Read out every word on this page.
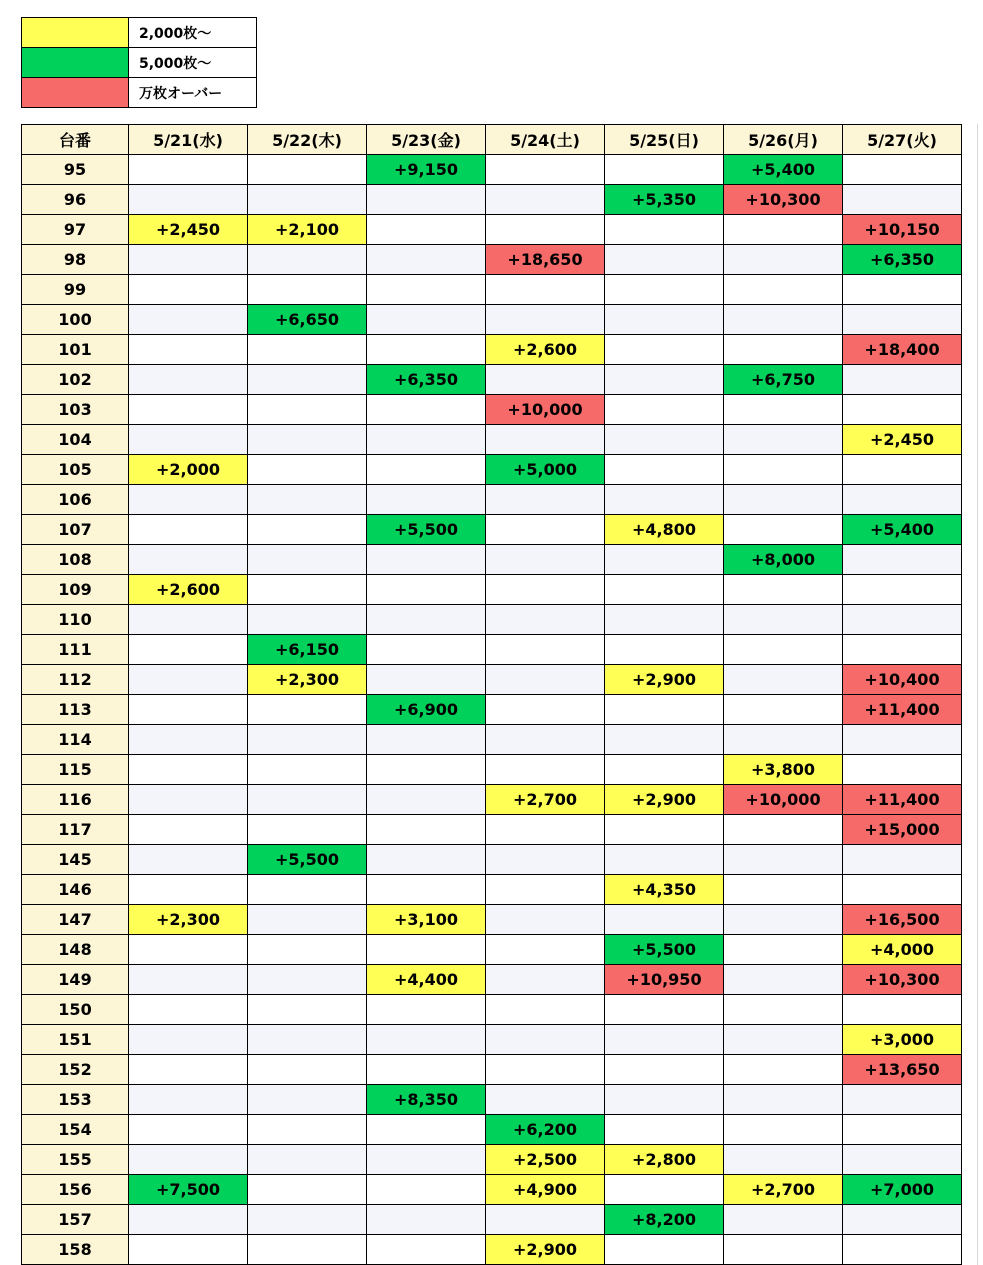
	2,000枚～
	5,000枚～
	万枚オーバー
台番	5/21(水)	5/22(木)	5/23(金)	5/24(土)	5/25(日)	5/26(月)	5/27(火)
95			+9,150			+5,400	
96					+5,350	+10,300	
97	+2,450	+2,100					+10,150
98				+18,650			+6,350
99							
100		+6,650					
101				+2,600			+18,400
102			+6,350			+6,750	
103				+10,000			
104							+2,450
105	+2,000			+5,000			
106							
107			+5,500		+4,800		+5,400
108						+8,000	
109	+2,600						
110							
111		+6,150					
112		+2,300			+2,900		+10,400
113			+6,900				+11,400
114							
115						+3,800	
116				+2,700	+2,900	+10,000	+11,400
117							+15,000
145		+5,500					
146					+4,350		
147	+2,300		+3,100				+16,500
148					+5,500		+4,000
149			+4,400		+10,950		+10,300
150							
151							+3,000
152							+13,650
153			+8,350				
154				+6,200			
155				+2,500	+2,800		
156	+7,500			+4,900		+2,700	+7,000
157					+8,200		
158				+2,900			
